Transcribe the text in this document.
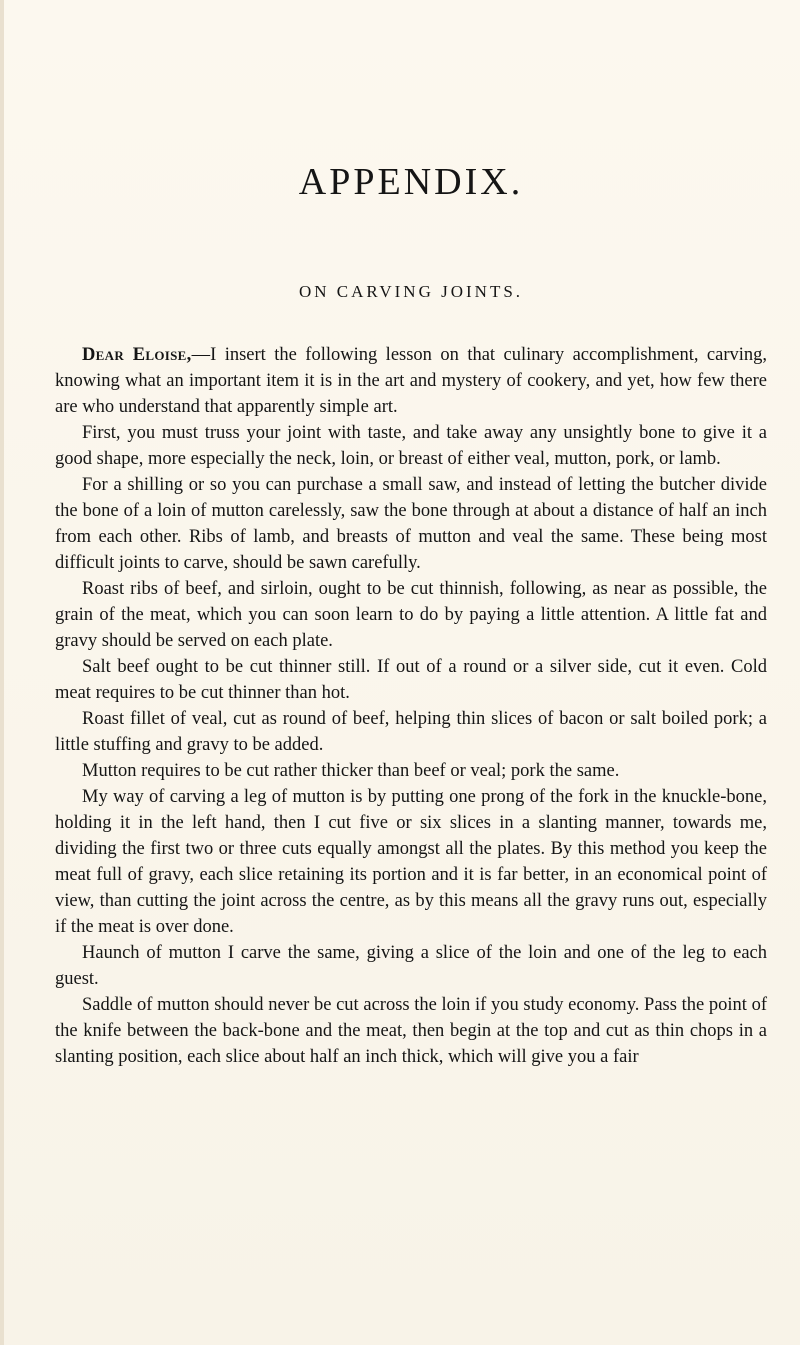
APPENDIX.
ON CARVING JOINTS.

Dear Eloise,—I insert the following lesson on that culinary accomplishment, carving, knowing what an important item it is in the art and mystery of cookery, and yet, how few there are who understand that apparently simple art.

First, you must truss your joint with taste, and take away any unsightly bone to give it a good shape, more especially the neck, loin, or breast of either veal, mutton, pork, or lamb.

For a shilling or so you can purchase a small saw, and instead of letting the butcher divide the bone of a loin of mutton carelessly, saw the bone through at about a distance of half an inch from each other. Ribs of lamb, and breasts of mutton and veal the same. These being most difficult joints to carve, should be sawn carefully.

Roast ribs of beef, and sirloin, ought to be cut thinnish, following, as near as possible, the grain of the meat, which you can soon learn to do by paying a little attention. A little fat and gravy should be served on each plate.

Salt beef ought to be cut thinner still. If out of a round or a silver side, cut it even. Cold meat requires to be cut thinner than hot.

Roast fillet of veal, cut as round of beef, helping thin slices of bacon or salt boiled pork; a little stuffing and gravy to be added.

Mutton requires to be cut rather thicker than beef or veal; pork the same.

My way of carving a leg of mutton is by putting one prong of the fork in the knuckle-bone, holding it in the left hand, then I cut five or six slices in a slanting manner, towards me, dividing the first two or three cuts equally amongst all the plates. By this method you keep the meat full of gravy, each slice retaining its portion and it is far better, in an economical point of view, than cutting the joint across the centre, as by this means all the gravy runs out, especially if the meat is over done.

Haunch of mutton I carve the same, giving a slice of the loin and one of the leg to each guest.

Saddle of mutton should never be cut across the loin if you study economy. Pass the point of the knife between the back-bone and the meat, then begin at the top and cut as thin chops in a slanting position, each slice about half an inch thick, which will give you a fair
